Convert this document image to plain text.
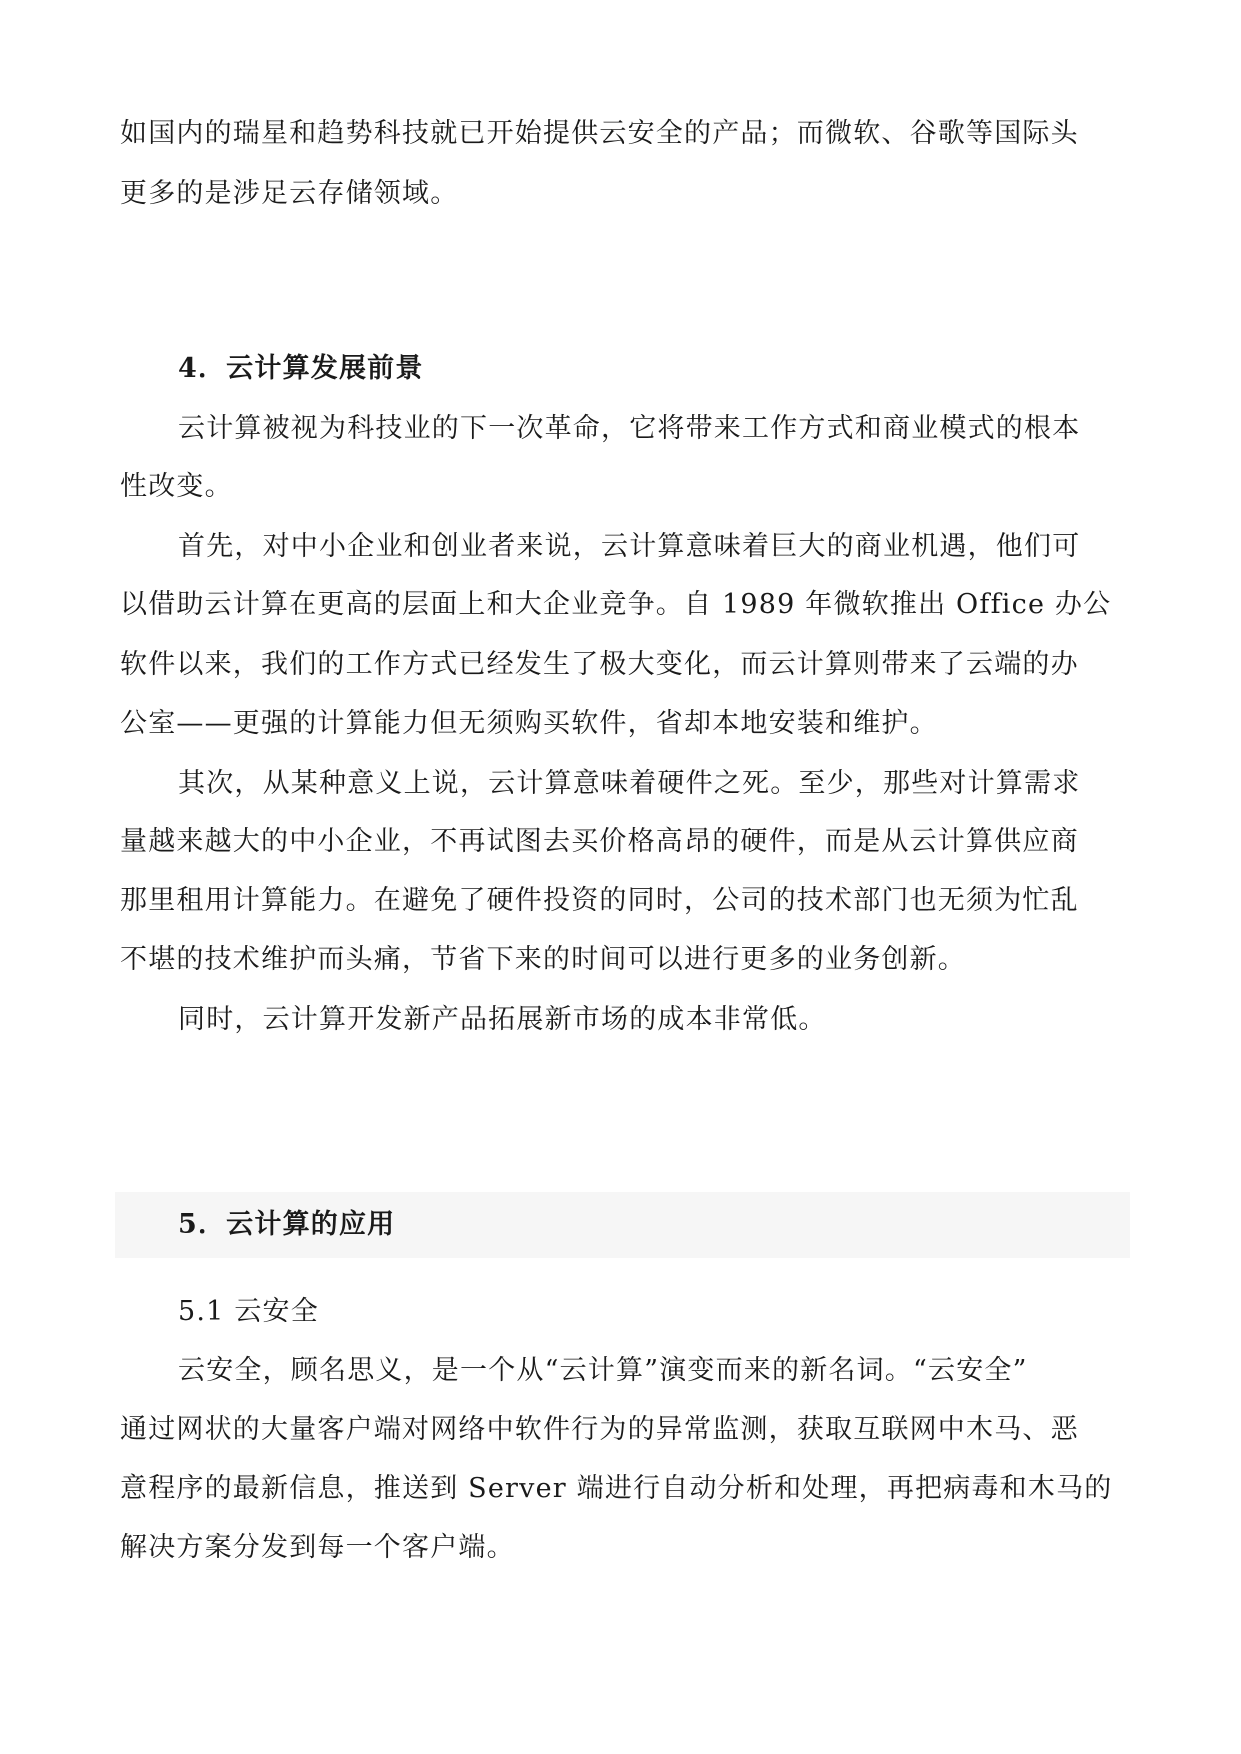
如国内的瑞星和趋势科技就已开始提供云安全的产品；而微软、谷歌等国际头
更多的是涉足云存储领域。
4．云计算发展前景
云计算被视为科技业的下一次革命，它将带来工作方式和商业模式的根本
性改变。
首先，对中小企业和创业者来说，云计算意味着巨大的商业机遇，他们可
以借助云计算在更高的层面上和大企业竞争。自 1989 年微软推出 Office 办公
软件以来，我们的工作方式已经发生了极大变化，而云计算则带来了云端的办
公室——更强的计算能力但无须购买软件，省却本地安装和维护。
其次，从某种意义上说，云计算意味着硬件之死。至少，那些对计算需求
量越来越大的中小企业，不再试图去买价格高昂的硬件，而是从云计算供应商
那里租用计算能力。在避免了硬件投资的同时，公司的技术部门也无须为忙乱
不堪的技术维护而头痛，节省下来的时间可以进行更多的业务创新。
同时，云计算开发新产品拓展新市场的成本非常低。
5．云计算的应用
5.1 云安全
云安全，顾名思义，是一个从“云计算”演变而来的新名词。“云安全”
通过网状的大量客户端对网络中软件行为的异常监测，获取互联网中木马、恶
意程序的最新信息，推送到 Server 端进行自动分析和处理，再把病毒和木马的
解决方案分发到每一个客户端。
